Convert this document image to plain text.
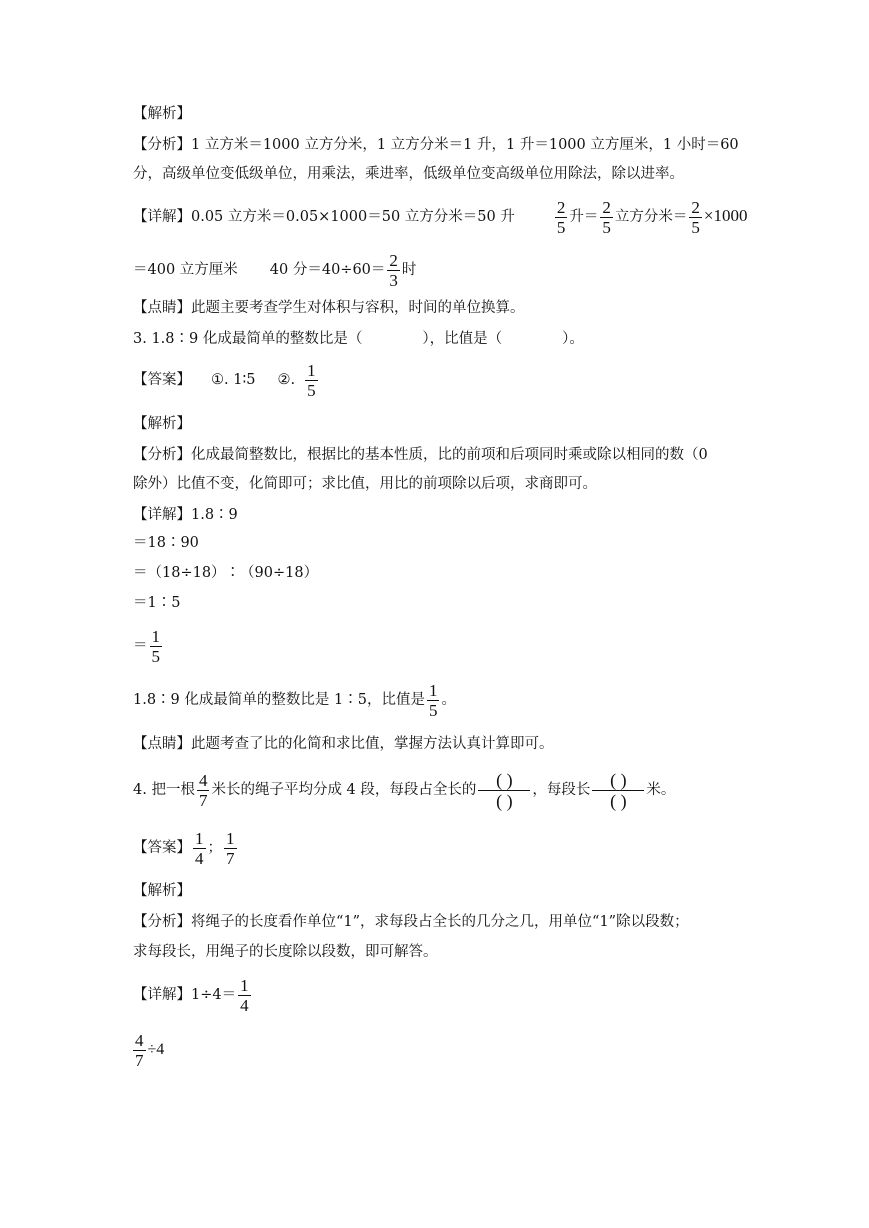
【解析】
【分析】1 立方米＝1000 立方分米，1 立方分米＝1 升，1 升＝1000 立方厘米，1 小时＝60
分，高级单位变低级单位，用乘法，乘进率，低级单位变高级单位用除法，除以进率。
【详解】0.05 立方米＝0.05×1000＝50 立方分米＝50 升 $\frac{2}{5}$ 升＝ $\frac{2}{5}$ 立方分米＝ $\frac{2}{5} \times 1000$
＝400 立方厘米 40 分$=40\div 60= \frac{2}{3}$ 时
【点睛】此题主要考查学生对体积与容积，时间的单位换算。
3. 1.8∶9 化成最简单的整数比是（	），比值是（	）。
【答案】 ①. 1∶5 ②. $\frac{1}{5}$
【解析】
【分析】化成最简整数比，根据比的基本性质，比的前项和后项同时乘或除以相同的数（0
除外）比值不变，化简即可；求比值，用比的前项除以后项，求商即可。
【详解】1.8∶9
＝18∶90
＝（18÷18）∶（90÷18）
＝1∶5
＝ $\frac{1}{5}$
1.8∶9 化成最简单的整数比是 1∶5，比值是 $\frac{1}{5}$ 。
【点睛】此题考查了比的化简和求比值，掌握方法认真计算即可。
4. 把一根 $\frac{4}{7}$ 米长的绳子平均分成 4 段，每段占全长的
( )
( )
，每段长
( )
( )
米。
【答案】 $\frac{1}{4}$ ； $\frac{1}{7}$
【解析】
【分析】将绳子的长度看作单位“1”，求每段占全长的几分之几，用单位“1”除以段数；
求每段长，用绳子的长度除以段数，即可解答。
【详解】$1\div 4= \frac{1}{4}$
$\frac{4}{7} \div 4$
